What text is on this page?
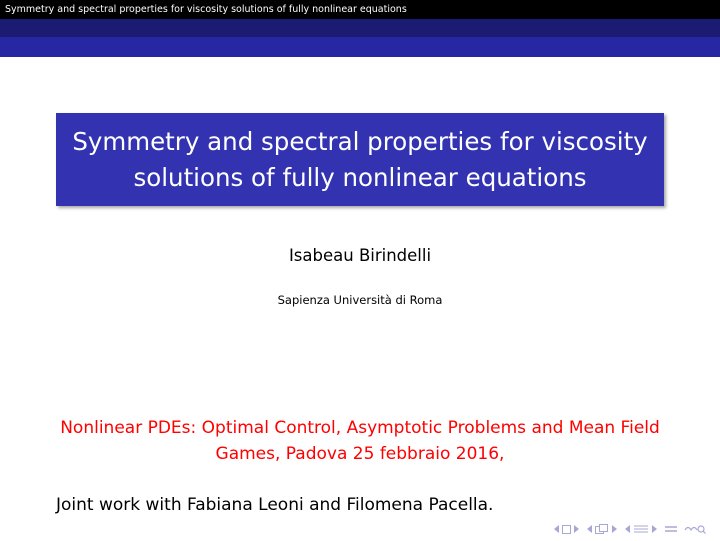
Symmetry and spectral properties for viscosity solutions of fully nonlinear equations
Symmetry and spectral properties for viscosity solutions of fully nonlinear equations
Isabeau Birindelli
Sapienza Università di Roma
Nonlinear PDEs: Optimal Control, Asymptotic Problems and Mean Field Games, Padova 25 febbraio 2016,
Joint work with Fabiana Leoni and Filomena Pacella.
